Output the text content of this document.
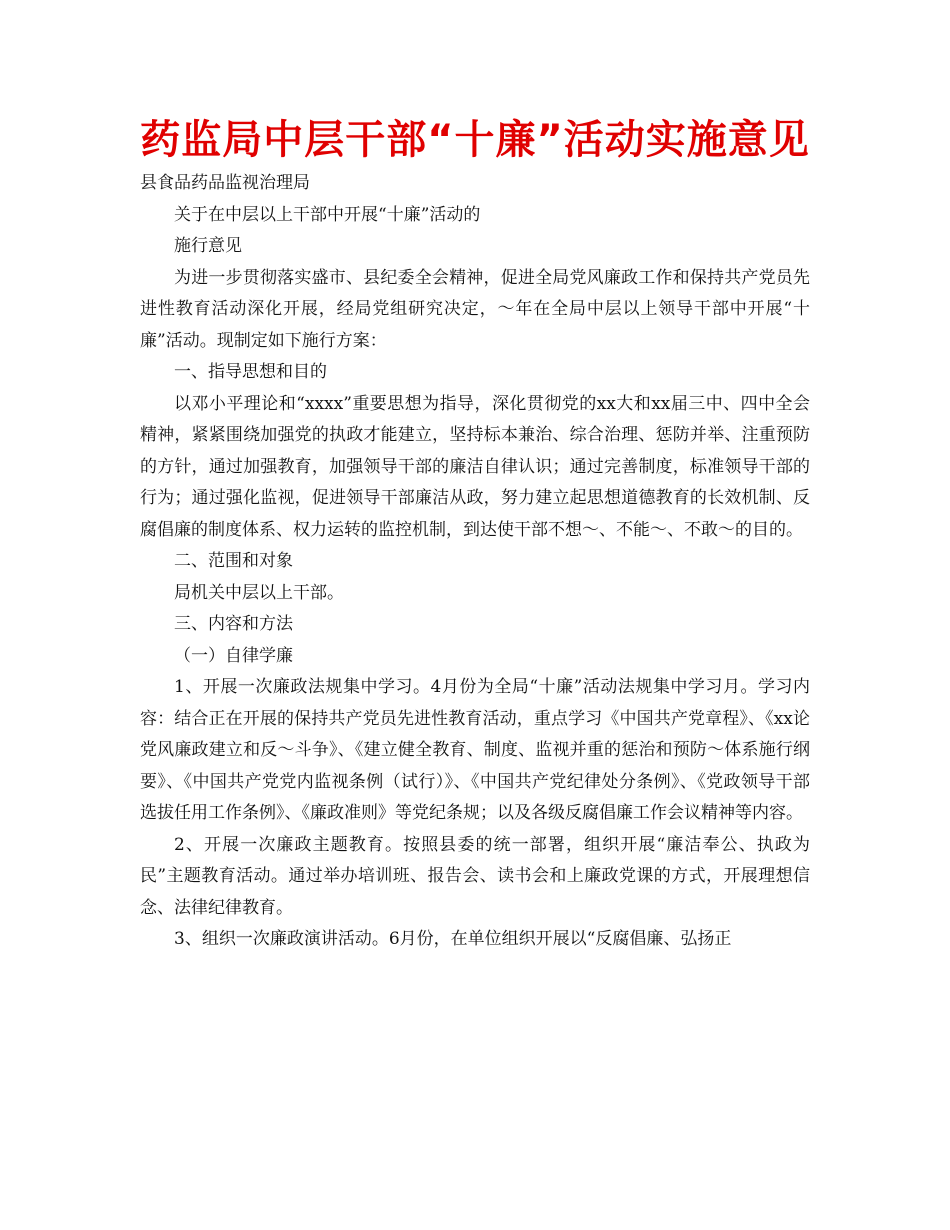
药监局中层干部“十廉”活动实施意见

县食品药品监视治理局

关于在中层以上干部中开展“十廉”活动的

施行意见

为进一步贯彻落实盛市、县纪委全会精神，促进全局党风廉政工作和保持共产党员先进性教育活动深化开展，经局党组研究决定，～年在全局中层以上领导干部中开展“十廉”活动。现制定如下施行方案：

一、指导思想和目的

以邓小平理论和“xxxx”重要思想为指导，深化贯彻党的xx大和xx届三中、四中全会精神，紧紧围绕加强党的执政才能建立，坚持标本兼治、综合治理、惩防并举、注重预防的方针，通过加强教育，加强领导干部的廉洁自律认识；通过完善制度，标准领导干部的行为；通过强化监视，促进领导干部廉洁从政，努力建立起思想道德教育的长效机制、反腐倡廉的制度体系、权力运转的监控机制，到达使干部不想～、不能～、不敢～的目的。

二、范围和对象

局机关中层以上干部。

三、内容和方法

（一）自律学廉

1、开展一次廉政法规集中学习。4月份为全局“十廉”活动法规集中学习月。学习内容：结合正在开展的保持共产党员先进性教育活动，重点学习《中国共产党章程》、《xx论党风廉政建立和反～斗争》、《建立健全教育、制度、监视并重的惩治和预防～体系施行纲要》、《中国共产党党内监视条例（试行）》、《中国共产党纪律处分条例》、《党政领导干部选拔任用工作条例》、《廉政准则》等党纪条规；以及各级反腐倡廉工作会议精神等内容。

2、开展一次廉政主题教育。按照县委的统一部署，组织开展“廉洁奉公、执政为民”主题教育活动。通过举办培训班、报告会、读书会和上廉政党课的方式，开展理想信念、法律纪律教育。

3、组织一次廉政演讲活动。6月份，在单位组织开展以“反腐倡廉、弘扬正
